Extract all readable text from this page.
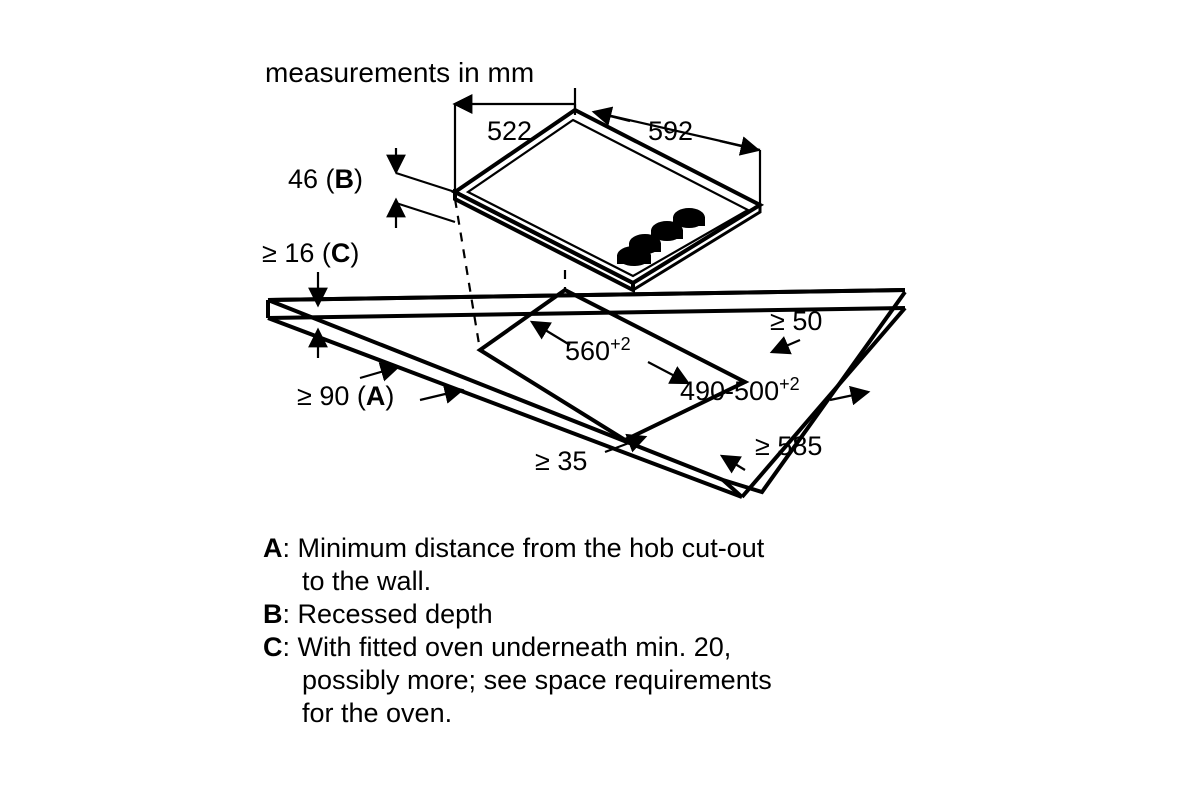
measurements in mm
522	592
46 (B)
≥ 16 (C)
$560^{+2}$
$490-500^{+2}$
≥ 50
≥ 90 (A)
≥ 35	≥ 585
A: Minimum distance from the hob cut-out
to the wall.
B: Recessed depth
C: With fitted oven underneath min. 20,
possibly more; see space requirements
for the oven.
